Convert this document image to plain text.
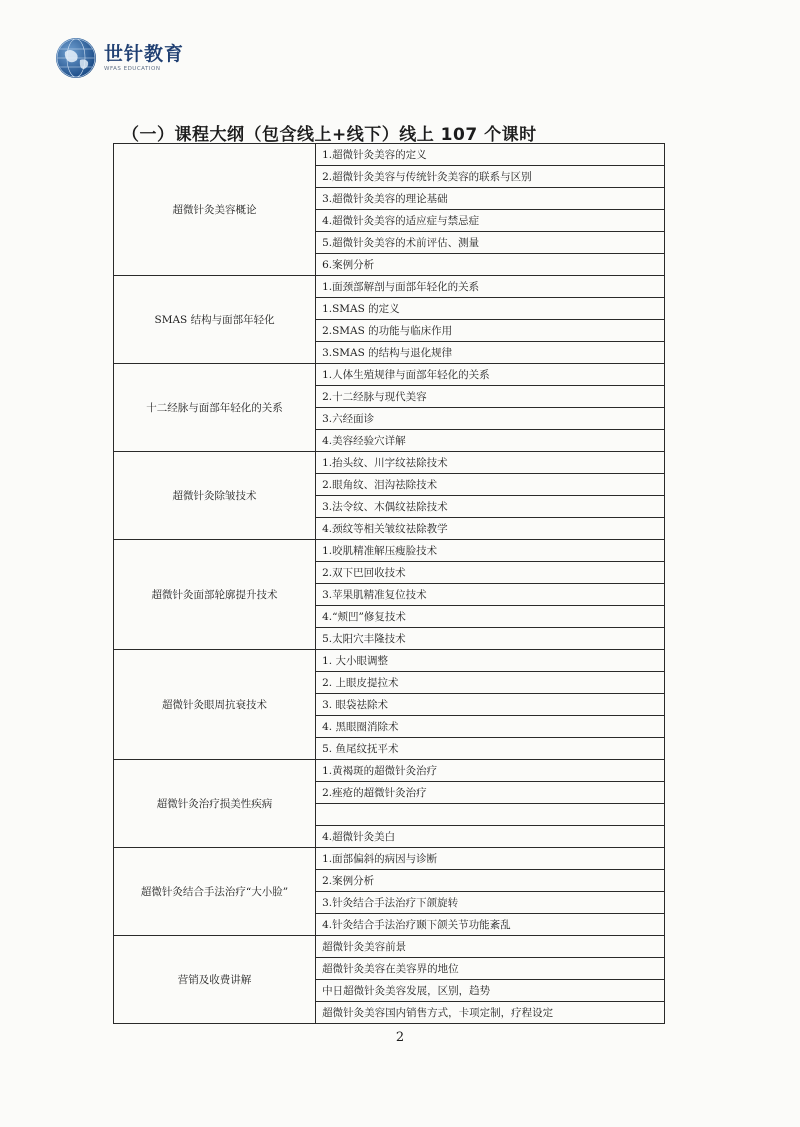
世针教育
WFAS EDUCATION
（一）课程大纲（包含线上+线下）线上 107 个课时
超微针灸美容概论	1.超微针灸美容的定义
	2.超微针灸美容与传统针灸美容的联系与区别
	3.超微针灸美容的理论基础
	4.超微针灸美容的适应症与禁忌症
	5.超微针灸美容的术前评估、测量
	6.案例分析
SMAS 结构与面部年轻化	1.面颈部解剖与面部年轻化的关系
	1.SMAS 的定义
	2.SMAS 的功能与临床作用
	3.SMAS 的结构与退化规律
十二经脉与面部年轻化的关系	1.人体生殖规律与面部年轻化的关系
	2.十二经脉与现代美容
	3.六经面诊
	4.美容经验穴详解
超微针灸除皱技术	1.抬头纹、川字纹祛除技术
	2.眼角纹、泪沟祛除技术
	3.法令纹、木偶纹祛除技术
	4.颈纹等相关皱纹祛除教学
超微针灸面部轮廓提升技术	1.咬肌精准解压瘦脸技术
	2.双下巴回收技术
	3.苹果肌精准复位技术
	4.“颊凹”修复技术
	5.太阳穴丰隆技术
超微针灸眼周抗衰技术	1. 大小眼调整
	2. 上眼皮提拉术
	3. 眼袋祛除术
	4. 黑眼圈消除术
	5. 鱼尾纹抚平术
超微针灸治疗损美性疾病	1.黄褐斑的超微针灸治疗
	2.痤疮的超微针灸治疗

	4.超微针灸美白
超微针灸结合手法治疗“大小脸”	1.面部偏斜的病因与诊断
	2.案例分析
	3.针灸结合手法治疗下颌旋转
	4.针灸结合手法治疗颞下颌关节功能紊乱
营销及收费讲解	超微针灸美容前景
	超微针灸美容在美容界的地位
	中日超微针灸美容发展，区别，趋势
	超微针灸美容国内销售方式，卡项定制，疗程设定
2
